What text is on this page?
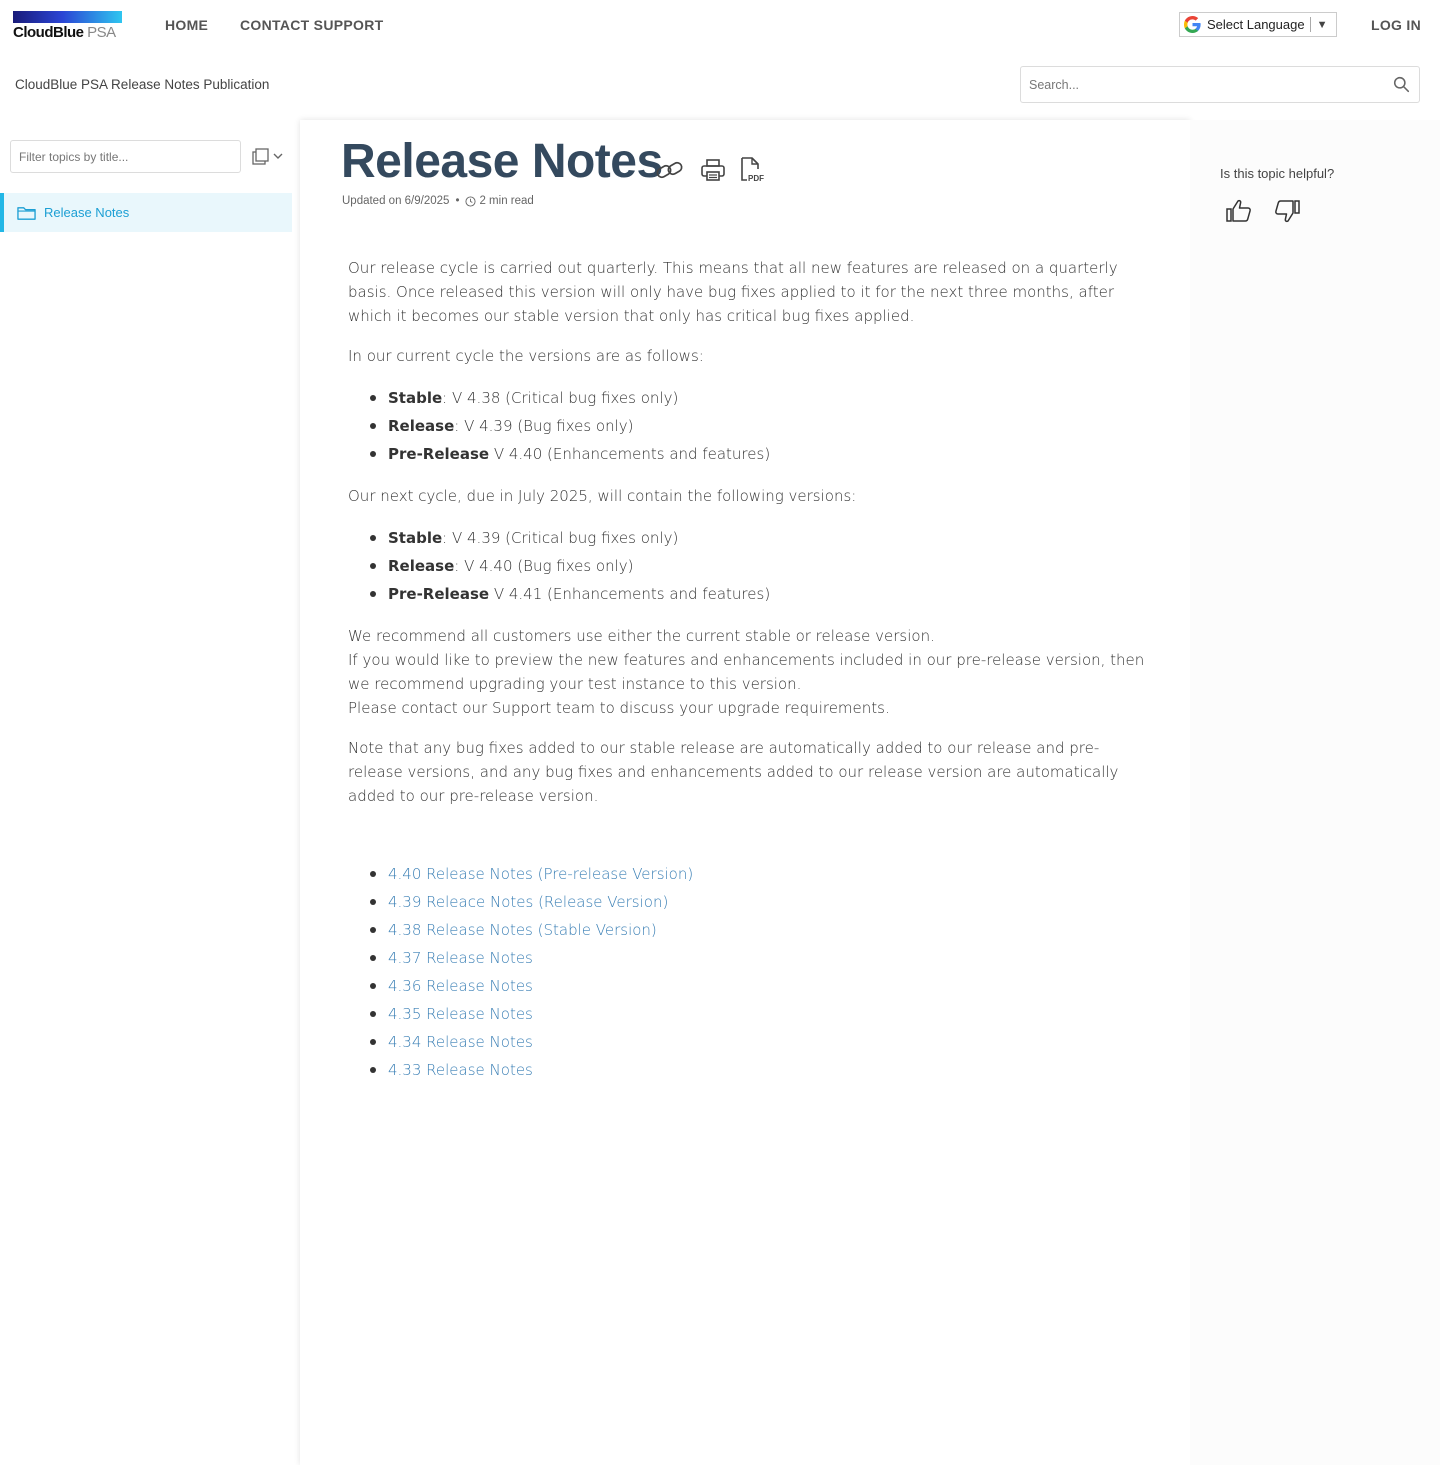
CloudBlue PSA	HOME CONTACT SUPPORT	Select Language ▼	LOG IN
CloudBlue PSA Release Notes Publication
Search...
Filter topics by title...
Release Notes
Release Notes	PDF
Updated on 6/9/2025 • 2 min read

Our release cycle is carried out quarterly. This means that all new features are released on a quarterly basis. Once released this version will only have bug fixes applied to it for the next three months, after which it becomes our stable version that only has critical bug fixes applied.

In our current cycle the versions are as follows:

Stable: V 4.38 (Critical bug fixes only)
Release: V 4.39 (Bug fixes only)
Pre-Release V 4.40 (Enhancements and features)

Our next cycle, due in July 2025, will contain the following versions:

Stable: V 4.39 (Critical bug fixes only)
Release: V 4.40 (Bug fixes only)
Pre-Release V 4.41 (Enhancements and features)

We recommend all customers use either the current stable or release version.
If you would like to preview the new features and enhancements included in our pre-release version, then we recommend upgrading your test instance to this version.
Please contact our Support team to discuss your upgrade requirements.

Note that any bug fixes added to our stable release are automatically added to our release and pre-release versions, and any bug fixes and enhancements added to our release version are automatically added to our pre-release version.

4.40 Release Notes (Pre-release Version)
4.39 Releace Notes (Release Version)
4.38 Release Notes (Stable Version)
4.37 Release Notes
4.36 Release Notes
4.35 Release Notes
4.34 Release Notes
4.33 Release Notes
Is this topic helpful?
